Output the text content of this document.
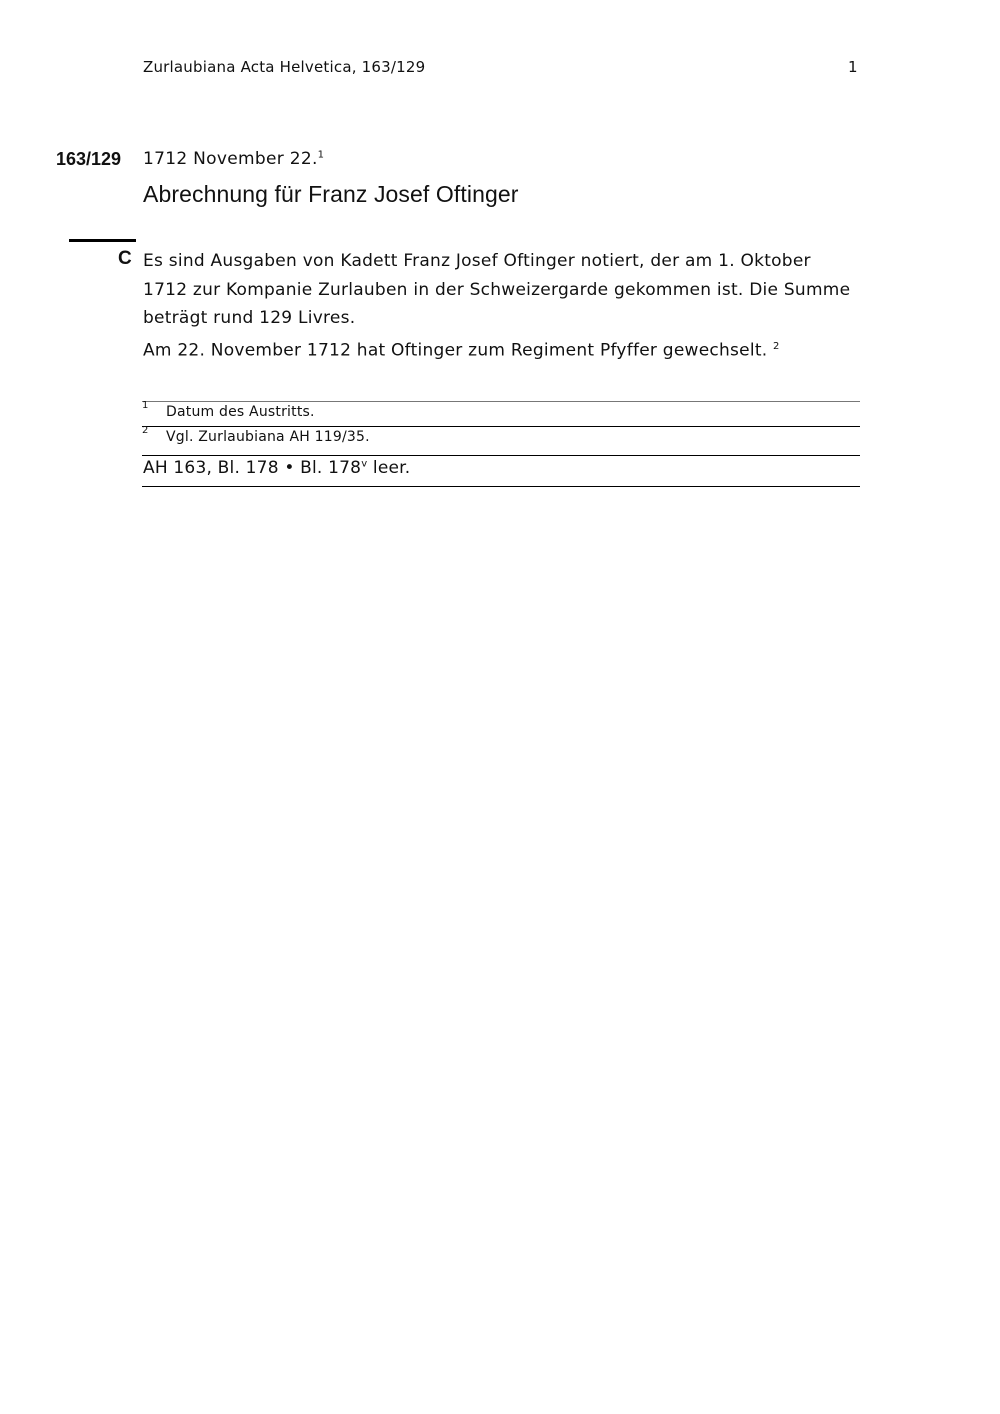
Zurlaubiana Acta Helvetica, 163/129	1
163/129 1712 November 22.$^1$
Abrechnung für Franz Josef Oftinger
C Es sind Ausgaben von Kadett Franz Josef Oftinger notiert, der am 1. Oktober
1712 zur Kompanie Zurlauben in der Schweizergarde gekommen ist. Die Summe
beträgt rund 129 Livres.
Am 22. November 1712 hat Oftinger zum Regiment Pfyffer gewechselt. $^2$
1 Datum des Austritts.
2 Vgl. Zurlaubiana AH 119/35.
AH 163, Bl. 178 • Bl. 178$^v$ leer.
